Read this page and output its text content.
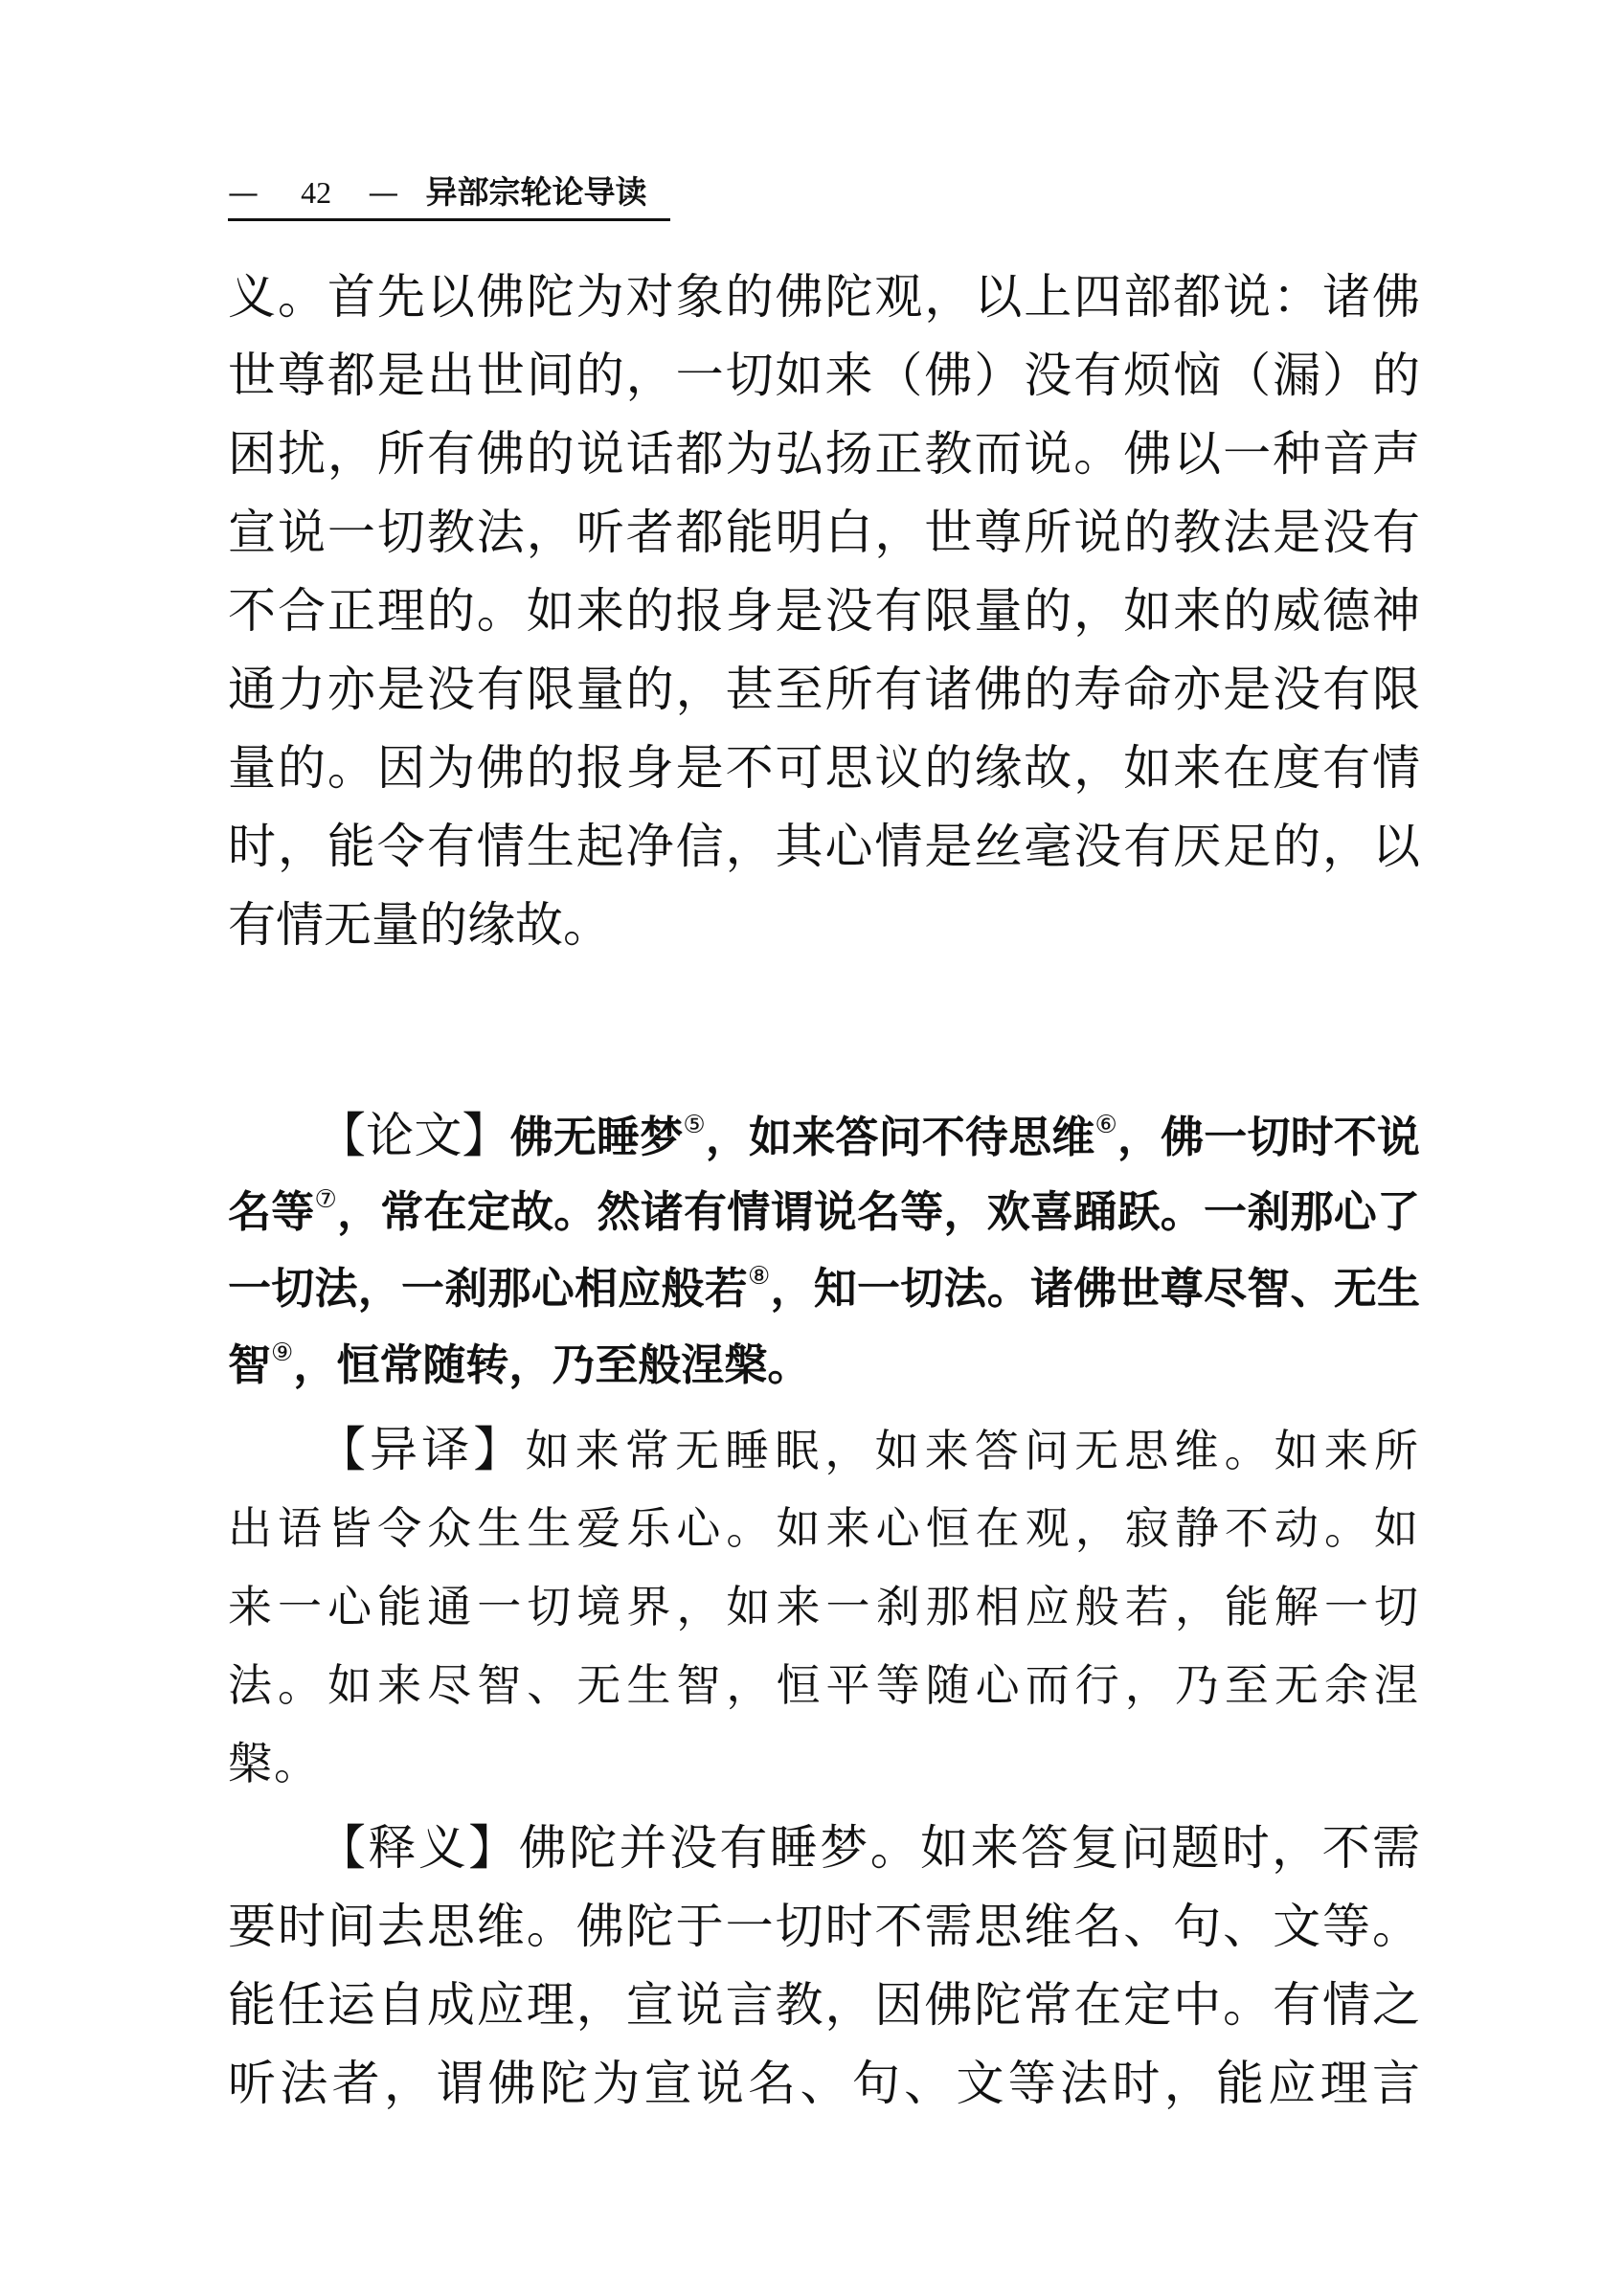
— 42 — 异部宗轮论导读
义。首先以佛陀为对象的佛陀观，以上四部都说：诸佛
世尊都是出世间的，一切如来（佛）没有烦恼（漏）的
困扰，所有佛的说话都为弘扬正教而说。佛以一种音声
宣说一切教法，听者都能明白，世尊所说的教法是没有
不合正理的。如来的报身是没有限量的，如来的威德神
通力亦是没有限量的，甚至所有诸佛的寿命亦是没有限
量的。因为佛的报身是不可思议的缘故，如来在度有情
时，能令有情生起净信，其心情是丝毫没有厌足的，以
有情无量的缘故。
【论文】佛无睡梦⑤，如来答问不待思维⑥，佛一切时不说
名等⑦，常在定故。然诸有情谓说名等，欢喜踊跃。一刹那心了
一切法，一刹那心相应般若⑧，知一切法。诸佛世尊尽智、无生
智⑨，恒常随转，乃至般涅槃。
【异译】如来常无睡眠，如来答问无思维。如来所
出语皆令众生生爱乐心。如来心恒在观，寂静不动。如
来一心能通一切境界，如来一刹那相应般若，能解一切
法。如来尽智、无生智，恒平等随心而行，乃至无余涅
槃。
【释义】佛陀并没有睡梦。如来答复问题时，不需
要时间去思维。佛陀于一切时不需思维名、句、文等。
能任运自成应理，宣说言教，因佛陀常在定中。有情之
听法者，谓佛陀为宣说名、句、文等法时，能应理言
